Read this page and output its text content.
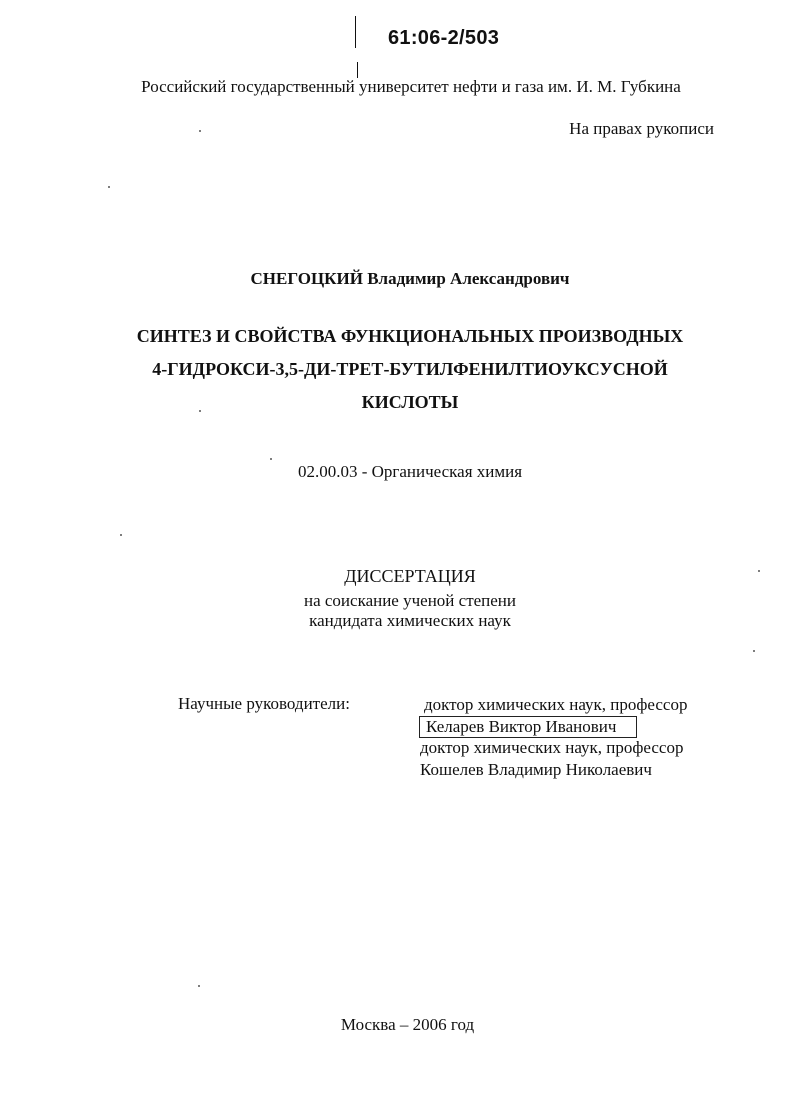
61:06-2/503
Российский государственный университет нефти и газа им. И. М. Губкина
На правах рукописи
СНЕГОЦКИЙ Владимир Александрович
СИНТЕЗ И СВОЙСТВА ФУНКЦИОНАЛЬНЫХ ПРОИЗВОДНЫХ
4-ГИДРОКСИ-3,5-ДИ-ТРЕТ-БУТИЛФЕНИЛТИОУКСУСНОЙ
КИСЛОТЫ
02.00.03 - Органическая химия
ДИССЕРТАЦИЯ
на соискание ученой степени
кандидата химических наук
Научные руководители:	доктор химических наук, профессор
Келарев Виктор Иванович
доктор химических наук, профессор
Кошелев Владимир Николаевич
Москва – 2006 год
